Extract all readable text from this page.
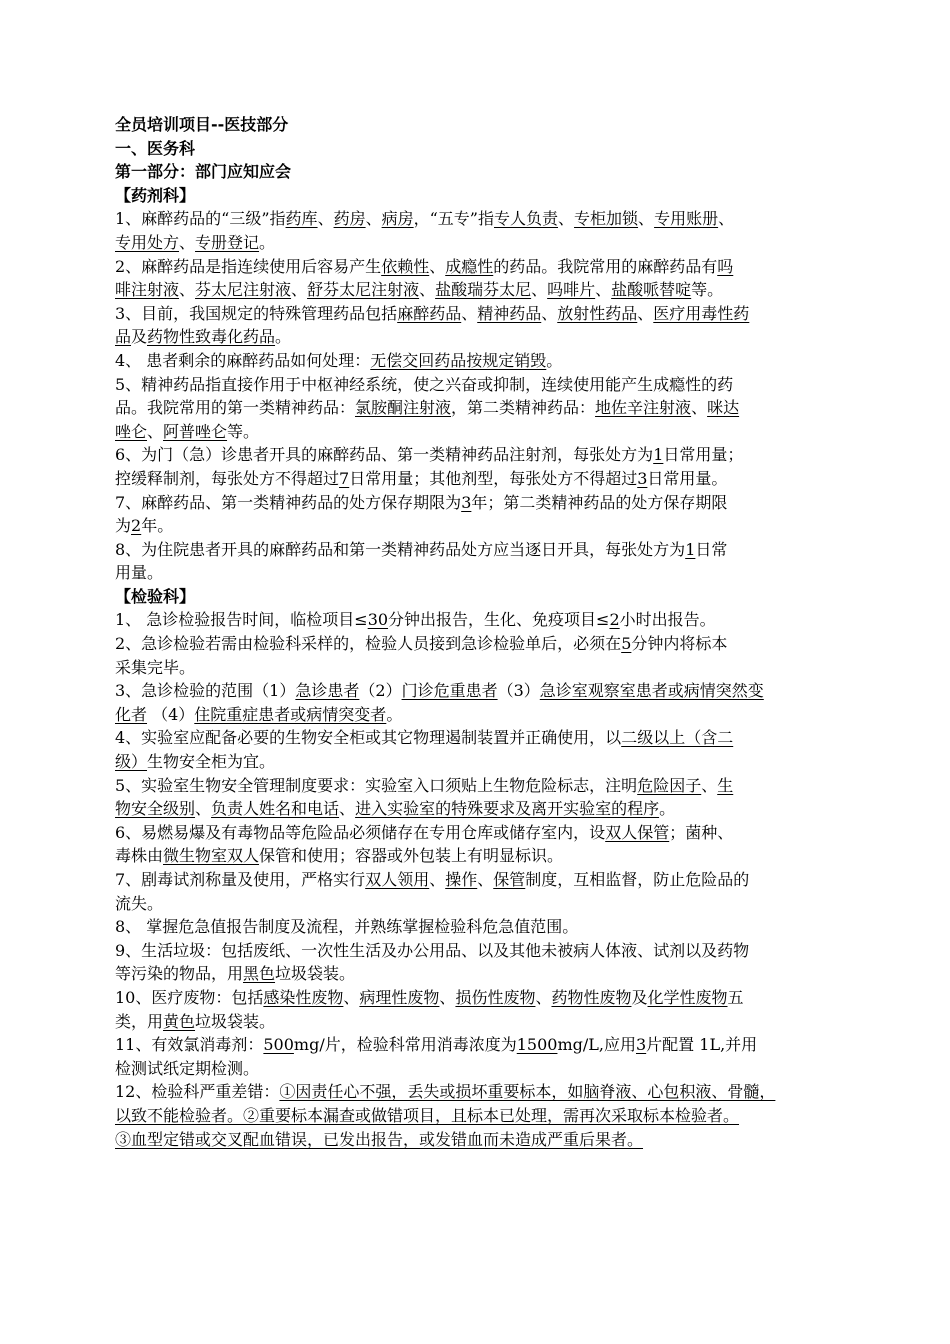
全员培训项目--医技部分
一、医务科
第一部分：部门应知应会
【药剂科】
1、麻醉药品的“三级”指药库、药房、病房，“五专”指专人负责、专柜加锁、专用账册、
专用处方、专册登记。
2、麻醉药品是指连续使用后容易产生依赖性、成瘾性的药品。我院常用的麻醉药品有吗
啡注射液、芬太尼注射液、舒芬太尼注射液、盐酸瑞芬太尼、吗啡片、盐酸哌替啶等。
3、目前，我国规定的特殊管理药品包括麻醉药品、精神药品、放射性药品、医疗用毒性药
品及药物性致毒化药品。
4、 患者剩余的麻醉药品如何处理：无偿交回药品按规定销毁。
5、精神药品指直接作用于中枢神经系统，使之兴奋或抑制，连续使用能产生成瘾性的药
品。我院常用的第一类精神药品：氯胺酮注射液，第二类精神药品：地佐辛注射液、咪达
唑仑、阿普唑仑等。
6、为门（急）诊患者开具的麻醉药品、第一类精神药品注射剂，每张处方为1日常用量；
控缓释制剂，每张处方不得超过7日常用量；其他剂型，每张处方不得超过3日常用量。
7、麻醉药品、第一类精神药品的处方保存期限为3年；第二类精神药品的处方保存期限
为2年。
8、为住院患者开具的麻醉药品和第一类精神药品处方应当逐日开具，每张处方为1日常
用量。
【检验科】
1、 急诊检验报告时间，临检项目≤30分钟出报告，生化、免疫项目≤2小时出报告。
2、急诊检验若需由检验科采样的，检验人员接到急诊检验单后，必须在5分钟内将标本
采集完毕。
3、急诊检验的范围（1）急诊患者（2）门诊危重患者（3）急诊室观察室患者或病情突然变
化者 （4）住院重症患者或病情突变者。
4、实验室应配备必要的生物安全柜或其它物理遏制装置并正确使用，以二级以上（含二
级）生物安全柜为宜。
5、实验室生物安全管理制度要求：实验室入口须贴上生物危险标志，注明危险因子、生
物安全级别、负责人姓名和电话、进入实验室的特殊要求及离开实验室的程序。
6、易燃易爆及有毒物品等危险品必须储存在专用仓库或储存室内，设双人保管；菌种、
毒株由微生物室双人保管和使用；容器或外包装上有明显标识。
7、剧毒试剂称量及使用，严格实行双人领用、操作、保管制度，互相监督，防止危险品的
流失。
8、 掌握危急值报告制度及流程，并熟练掌握检验科危急值范围。
9、生活垃圾：包括废纸、一次性生活及办公用品、以及其他未被病人体液、试剂以及药物
等污染的物品，用黑色垃圾袋装。
10、医疗废物：包括感染性废物、病理性废物、损伤性废物、药物性废物及化学性废物五
类，用黄色垃圾袋装。
11、有效氯消毒剂：500mg/片，检验科常用消毒浓度为1500mg/L,应用3片配置 1L,并用
检测试纸定期检测。
12、检验科严重差错：①因责任心不强，丢失或损坏重要标本，如脑脊液、心包积液、骨髓，
以致不能检验者。②重要标本漏查或做错项目，且标本已处理，需再次采取标本检验者。
③血型定错或交叉配血错误，已发出报告，或发错血而未造成严重后果者。
